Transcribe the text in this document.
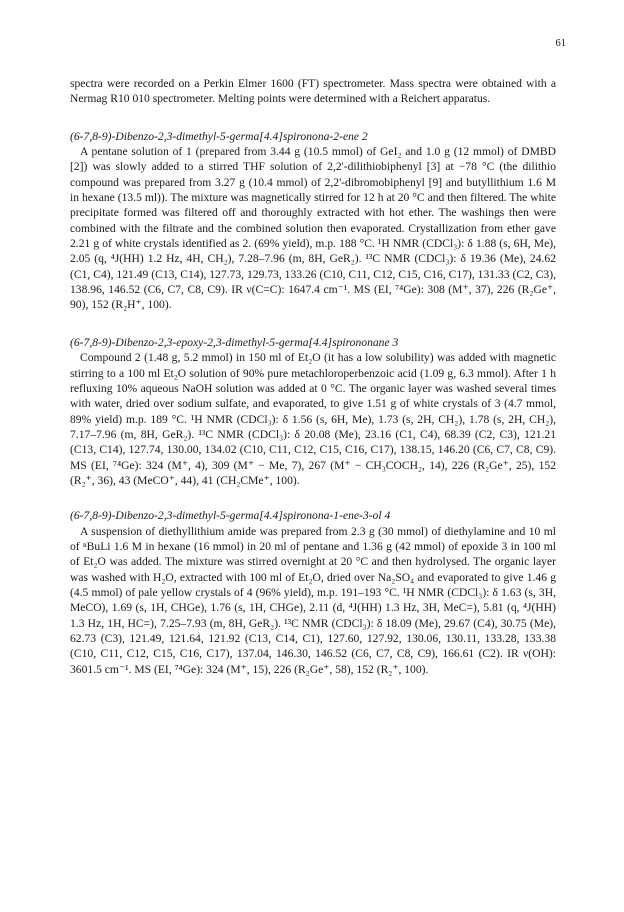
61

spectra were recorded on a Perkin Elmer 1600 (FT) spectrometer. Mass spectra were obtained with a Nermag R10 010 spectrometer. Melting points were determined with a Reichert apparatus.

(6-7,8-9)-Dibenzo-2,3-dimethyl-5-germa[4.4]spironona-2-ene 2

A pentane solution of 1 (prepared from 3.44 g (10.5 mmol) of GeI₂ and 1.0 g (12 mmol) of DMBD [2]) was slowly added to a stirred THF solution of 2,2'-dilithiobiphenyl [3] at −78 °C (the dilithio compound was prepared from 3.27 g (10.4 mmol) of 2,2'-dibromobiphenyl [9] and butyllithium 1.6 M in hexane (13.5 ml)). The mixture was magnetically stirred for 12 h at 20 °C and then filtered. The white precipitate formed was filtered off and thoroughly extracted with hot ether. The washings then were combined with the filtrate and the combined solution then evaporated. Crystallization from ether gave 2.21 g of white crystals identified as 2. (69% yield), m.p. 188 °C. ¹H NMR (CDCl₃): δ 1.88 (s, 6H, Me), 2.05 (q, ⁴J(HH) 1.2 Hz, 4H, CH₂), 7.28–7.96 (m, 8H, GeR₂). ¹³C NMR (CDCl₃): δ 19.36 (Me), 24.62 (C1, C4), 121.49 (C13, C14), 127.73, 129.73, 133.26 (C10, C11, C12, C15, C16, C17), 131.33 (C2, C3), 138.96, 146.52 (C6, C7, C8, C9). IR ν(C=C): 1647.4 cm⁻¹. MS (EI, ⁷⁴Ge): 308 (M⁺, 37), 226 (R₂Ge⁺, 90), 152 (R₂H⁺, 100).

(6-7,8-9)-Dibenzo-2,3-epoxy-2,3-dimethyl-5-germa[4.4]spirononane 3

Compound 2 (1.48 g, 5.2 mmol) in 150 ml of Et₂O (it has a low solubility) was added with magnetic stirring to a 100 ml Et₂O solution of 90% pure metachloroperbenzoic acid (1.09 g, 6.3 mmol). After 1 h refluxing 10% aqueous NaOH solution was added at 0 °C. The organic layer was washed several times with water, dried over sodium sulfate, and evaporated, to give 1.51 g of white crystals of 3 (4.7 mmol, 89% yield) m.p. 189 °C. ¹H NMR (CDCl₃): δ 1.56 (s, 6H, Me), 1.73 (s, 2H, CH₂), 1.78 (s, 2H, CH₂), 7.17–7.96 (m, 8H, GeR₂). ¹³C NMR (CDCl₃): δ 20.08 (Me), 23.16 (C1, C4), 68.39 (C2, C3), 121.21 (C13, C14), 127.74, 130.00, 134.02 (C10, C11, C12, C15, C16, C17), 138.15, 146.20 (C6, C7, C8, C9). MS (EI, ⁷⁴Ge): 324 (M⁺, 4), 309 (M⁺ − Me, 7), 267 (M⁺ − CH₃COCH₂, 14), 226 (R₂Ge⁺, 25), 152 (R₂⁺, 36), 43 (MeCO⁺, 44), 41 (CH₂CMe⁺, 100).

(6-7,8-9)-Dibenzo-2,3-dimethyl-5-germa[4.4]spironona-1-ene-3-ol 4

A suspension of diethyllithium amide was prepared from 2.3 g (30 mmol) of diethylamine and 10 ml of ⁿBuLi 1.6 M in hexane (16 mmol) in 20 ml of pentane and 1.36 g (42 mmol) of epoxide 3 in 100 ml of Et₂O was added. The mixture was stirred overnight at 20 °C and then hydrolysed. The organic layer was washed with H₂O, extracted with 100 ml of Et₂O, dried over Na₂SO₄ and evaporated to give 1.46 g (4.5 mmol) of pale yellow crystals of 4 (96% yield), m.p. 191–193 °C. ¹H NMR (CDCl₃): δ 1.63 (s, 3H, MeCO), 1.69 (s, 1H, CHGe), 1.76 (s, 1H, CHGe), 2.11 (d, ⁴J(HH) 1.3 Hz, 3H, MeC=), 5.81 (q, ⁴J(HH) 1.3 Hz, 1H, HC=), 7.25–7.93 (m, 8H, GeR₂). ¹³C NMR (CDCl₃): δ 18.09 (Me), 29.67 (C4), 30.75 (Me), 62.73 (C3), 121.49, 121.64, 121.92 (C13, C14, C1), 127.60, 127.92, 130.06, 130.11, 133.28, 133.38 (C10, C11, C12, C15, C16, C17), 137.04, 146.30, 146.52 (C6, C7, C8, C9), 166.61 (C2). IR ν(OH): 3601.5 cm⁻¹. MS (EI, ⁷⁴Ge): 324 (M⁺, 15), 226 (R₂Ge⁺, 58), 152 (R₂⁺, 100).
